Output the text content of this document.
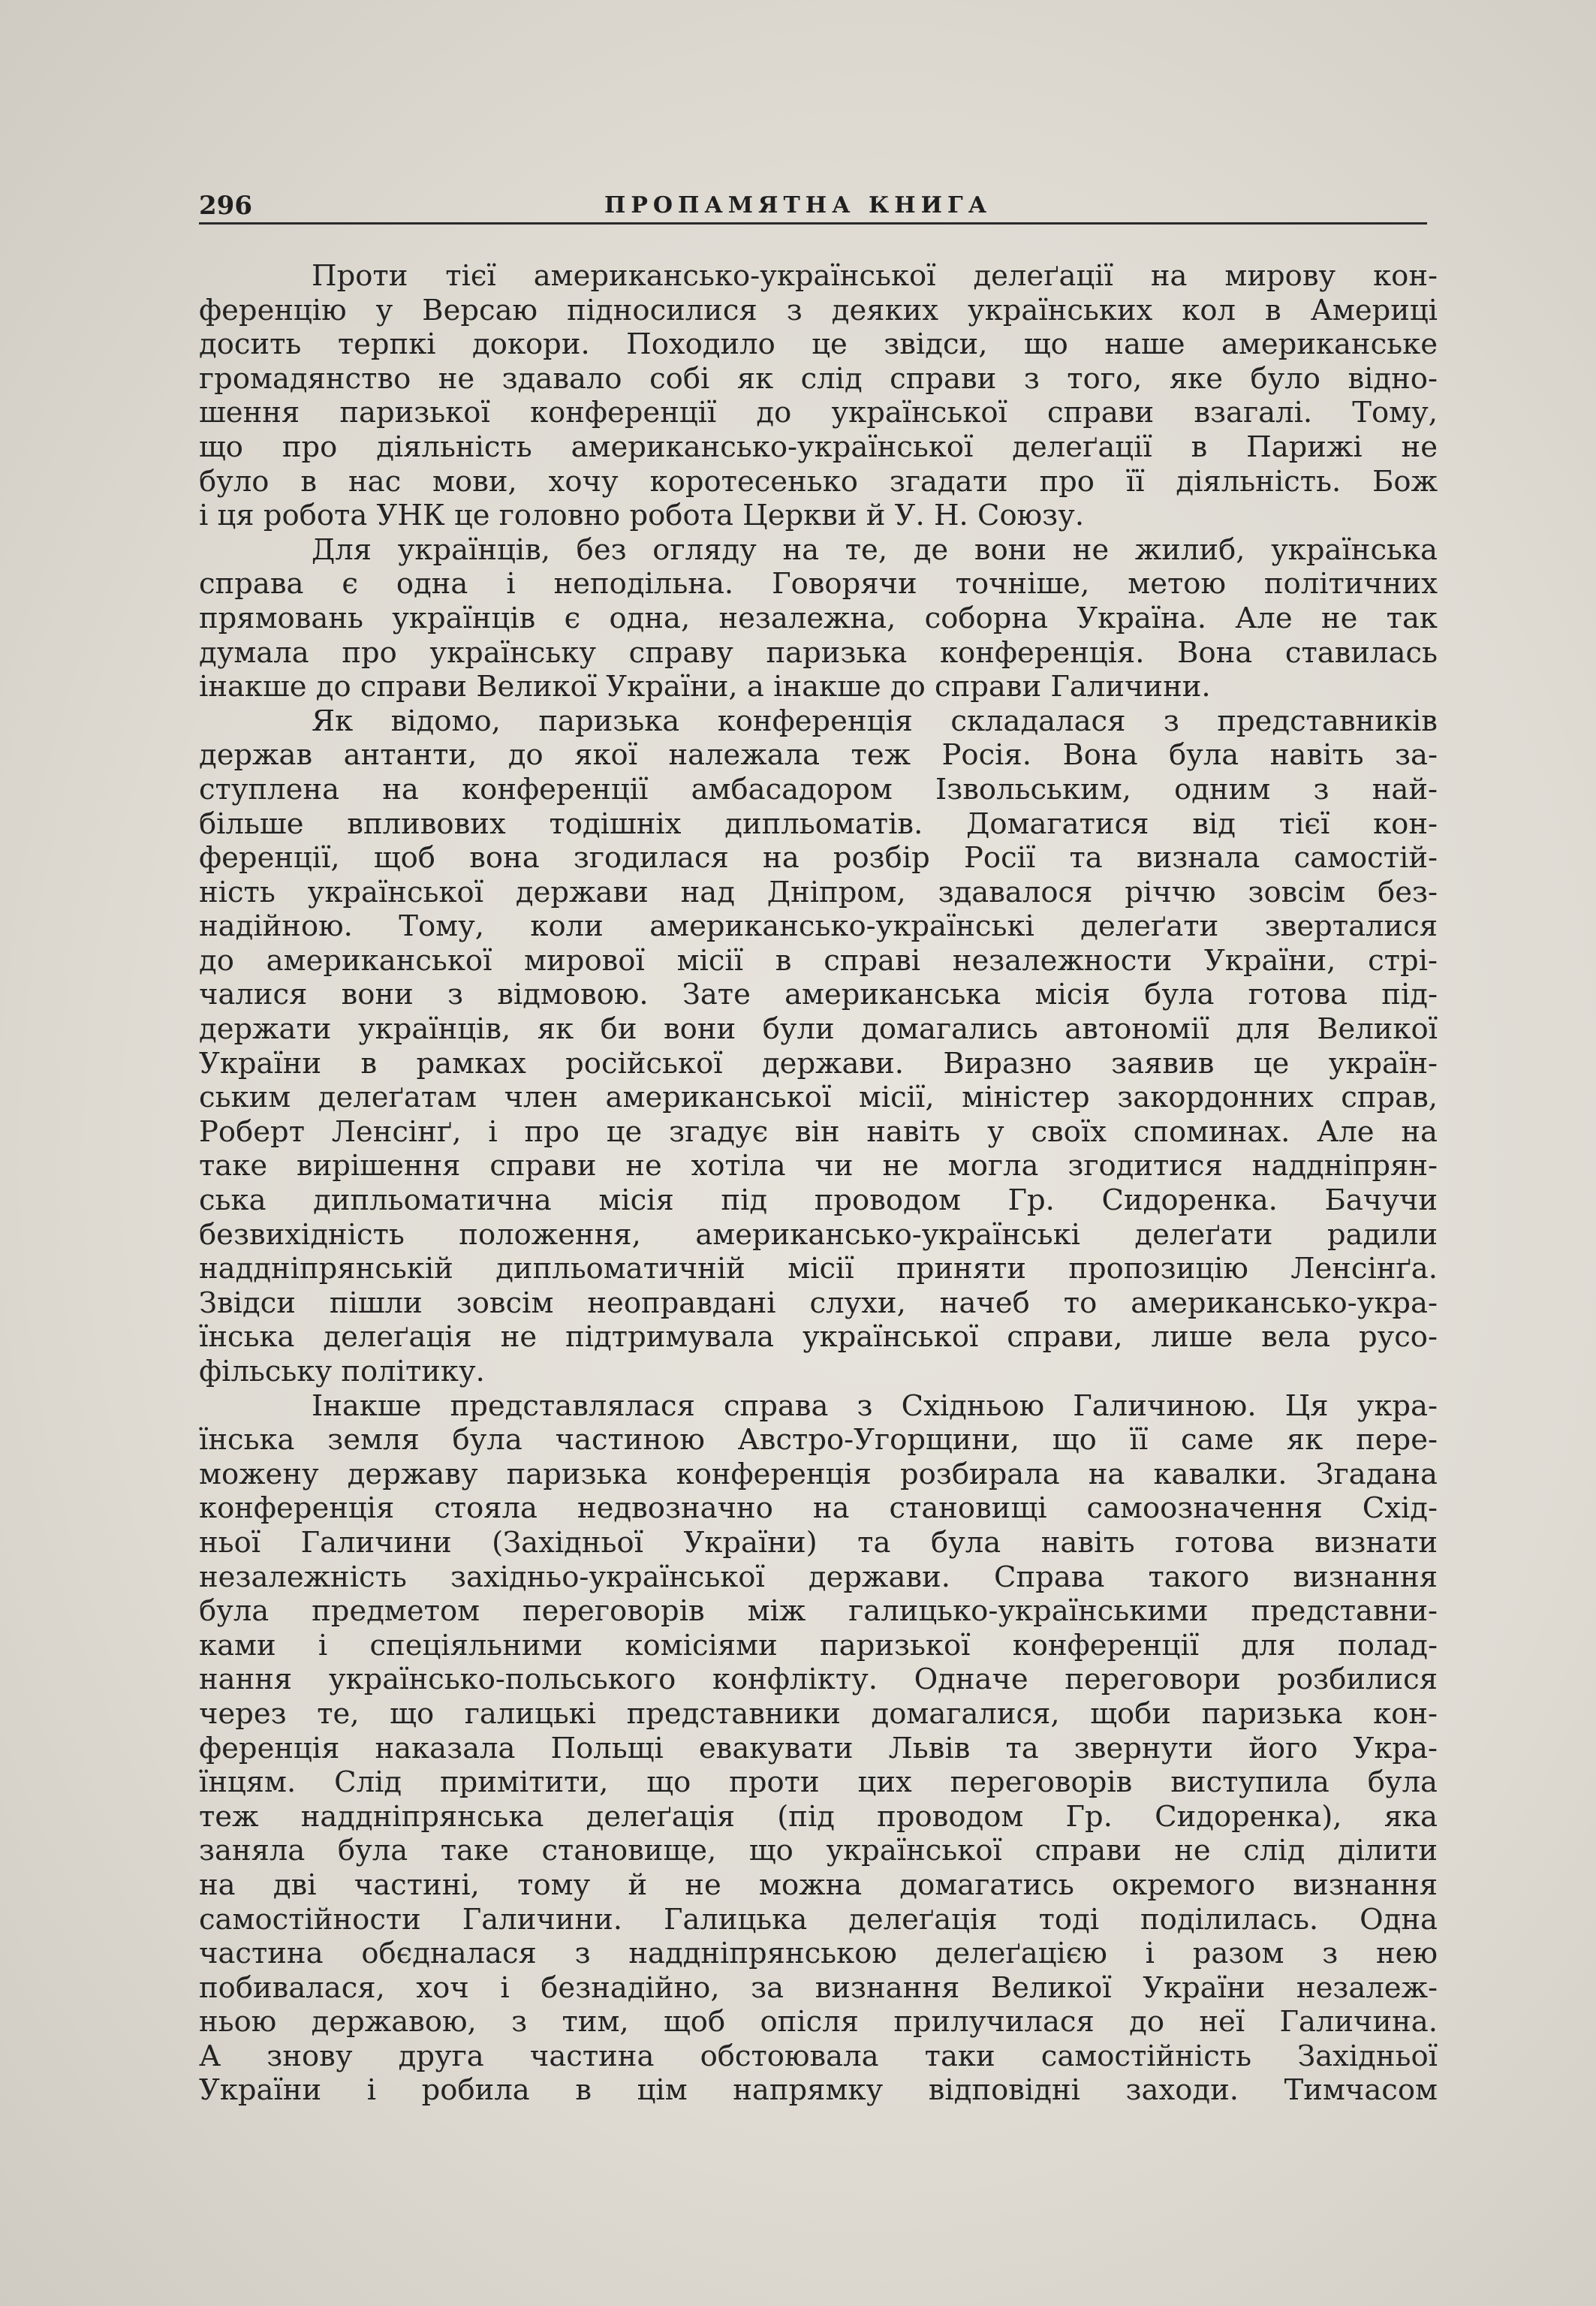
296	ПРОПАМЯТНА КНИГА
Проти тієї американсько-української делеґації на мирову кон-
ференцію у Версаю підносилися з деяких українських кол в Америці
досить терпкі докори. Походило це звідси, що наше американське
громадянство не здавало собі як слід справи з того, яке було відно-
шення паризької конференції до української справи взагалі. Тому,
що про діяльність американсько-української делеґації в Парижі не
було в нас мови, хочу коротесенько згадати про її діяльність. Бож
і ця робота УНК це головно робота Церкви й У. Н. Союзу.
Для українців, без огляду на те, де вони не жилиб, українська
справа є одна і неподільна. Говорячи точніше, метою політичних
прямовань українців є одна, незалежна, соборна Україна. Але не так
думала про українську справу паризька конференція. Вона ставилась
інакше до справи Великої України, а інакше до справи Галичини.
Як відомо, паризька конференція складалася з представників
держав антанти, до якої належала теж Росія. Вона була навіть за-
ступлена на конференції амбасадором Ізвольським, одним з най-
більше впливових тодішніх дипльоматів. Домагатися від тієї кон-
ференції, щоб вона згодилася на розбір Росії та визнала самостій-
ність української держави над Дніпром, здавалося річчю зовсім без-
надійною. Тому, коли американсько-українські делеґати зверталися
до американської мирової місії в справі незалежности України, стрі-
чалися вони з відмовою. Зате американська місія була готова під-
держати українців, як би вони були домагались автономії для Великої
України в рамках російської держави. Виразно заявив це україн-
ським делеґатам член американської місії, міністер закордонних справ,
Роберт Ленсінґ, і про це згадує він навіть у своїх споминах. Але на
таке вирішення справи не хотіла чи не могла згодитися наддніпрян-
ська дипльоматична місія під проводом Гр. Сидоренка. Бачучи
безвихідність положення, американсько-українські делеґати радили
наддніпрянській дипльоматичній місії приняти пропозицію Ленсінґа.
Звідси пішли зовсім неоправдані слухи, начеб то американсько-укра-
їнська делеґація не підтримувала української справи, лише вела русо-
фільську політику.
Інакше представлялася справа з Східньою Галичиною. Ця укра-
їнська земля була частиною Австро-Угорщини, що її саме як пере-
можену державу паризька конференція розбирала на кавалки. Згадана
конференція стояла недвозначно на становищі самоозначення Схід-
ньої Галичини (Західньої України) та була навіть готова визнати
незалежність західньо-української держави. Справа такого визнання
була предметом переговорів між галицько-українськими представни-
ками і спеціяльними комісіями паризької конференції для полад-
нання українсько-польського конфлікту. Одначе переговори розбилися
через те, що галицькі представники домагалися, щоби паризька кон-
ференція наказала Польщі евакувати Львів та звернути його Укра-
їнцям. Слід примітити, що проти цих переговорів виступила була
теж наддніпрянська делеґація (під проводом Гр. Сидоренка), яка
заняла була таке становище, що української справи не слід ділити
на дві частині, тому й не можна домагатись окремого визнання
самостійности Галичини. Галицька делеґація тоді поділилась. Одна
частина обєдналася з наддніпрянською делеґацією і разом з нею
побивалася, хоч і безнадійно, за визнання Великої України незалеж-
ньою державою, з тим, щоб опісля прилучилася до неї Галичина.
А знову друга частина обстоювала таки самостійність Західньої
України і робила в цім напрямку відповідні заходи. Тимчасом
